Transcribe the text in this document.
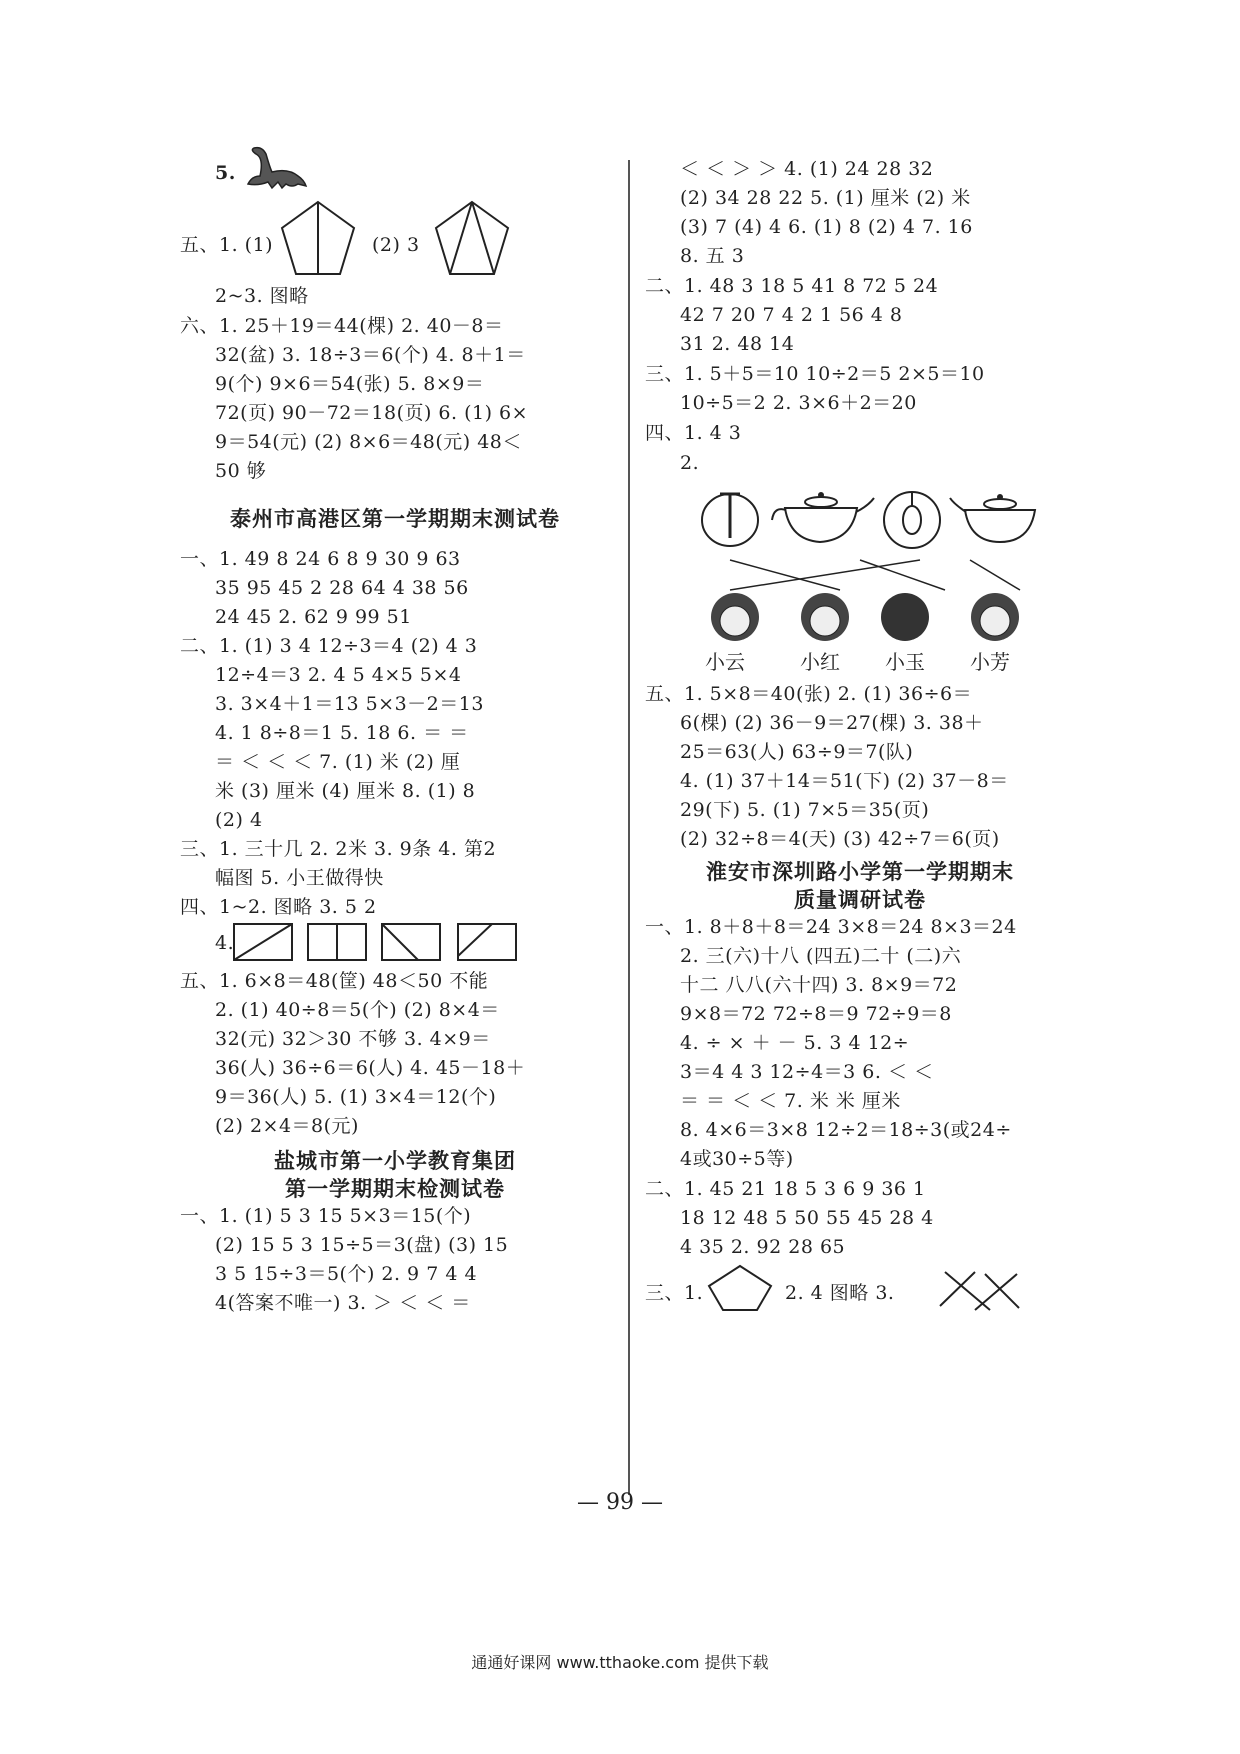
5.
五、1. (1)	(2) 3
2~3. 图略
六、1. 25＋19＝44(棵) 2. 40－8＝
32(盆) 3. 18÷3＝6(个) 4. 8＋1＝
9(个) 9×6＝54(张) 5. 8×9＝
72(页) 90－72＝18(页) 6. (1) 6×
9＝54(元) (2) 8×6＝48(元) 48＜
50 够
泰州市高港区第一学期期末测试卷
一、1. 49 8 24 6 8 9 30 9 63
35 95 45 2 28 64 4 38 56
24 45 2. 62 9 99 51
二、1. (1) 3 4 12÷3＝4 (2) 4 3
12÷4＝3 2. 4 5 4×5 5×4
3. 3×4＋1＝13 5×3－2＝13
4. 1 8÷8＝1 5. 18 6. ＝ ＝
＝ ＜ ＜ ＜ 7. (1) 米 (2) 厘
米 (3) 厘米 (4) 厘米 8. (1) 8
(2) 4
三、1. 三十几 2. 2米 3. 9条 4. 第2
幅图 5. 小王做得快
四、1~2. 图略 3. 5 2
4.
五、1. 6×8＝48(筐) 48＜50 不能
2. (1) 40÷8＝5(个) (2) 8×4＝
32(元) 32＞30 不够 3. 4×9＝
36(人) 36÷6＝6(人) 4. 45－18＋
9＝36(人) 5. (1) 3×4＝12(个)
(2) 2×4＝8(元)
盐城市第一小学教育集团
第一学期期末检测试卷
一、1. (1) 5 3 15 5×3＝15(个)
(2) 15 5 3 15÷5＝3(盘) (3) 15
3 5 15÷3＝5(个) 2. 9 7 4 4
4(答案不唯一) 3. ＞ ＜ ＜ ＝
＜ ＜ ＞ ＞ 4. (1) 24 28 32
(2) 34 28 22 5. (1) 厘米 (2) 米
(3) 7 (4) 4 6. (1) 8 (2) 4 7. 16
8. 五 3
二、1. 48 3 18 5 41 8 72 5 24
42 7 20 7 4 2 1 56 4 8
31 2. 48 14
三、1. 5＋5＝10 10÷2＝5 2×5＝10
10÷5＝2 2. 3×6＋2＝20
四、1. 4 3
2.
小云	小红 小玉 小芳
五、1. 5×8＝40(张) 2. (1) 36÷6＝
6(棵) (2) 36－9＝27(棵) 3. 38＋
25＝63(人) 63÷9＝7(队)
4. (1) 37＋14＝51(下) (2) 37－8＝
29(下) 5. (1) 7×5＝35(页)
(2) 32÷8＝4(天) (3) 42÷7＝6(页)
淮安市深圳路小学第一学期期末
质量调研试卷
一、1. 8＋8＋8＝24 3×8＝24 8×3＝24
2. 三(六)十八 (四五)二十 (二)六
十二 八八(六十四) 3. 8×9＝72
9×8＝72 72÷8＝9 72÷9＝8
4. ÷ × ＋ － 5. 3 4 12÷
3＝4 4 3 12÷4＝3 6. ＜ ＜
＝ ＝ ＜ ＜ 7. 米 米 厘米
8. 4×6＝3×8 12÷2＝18÷3(或24÷
4或30÷5等)
二、1. 45 21 18 5 3 6 9 36 1
18 12 48 5 50 55 45 28 4
4 35 2. 92 28 65
三、1.	2. 4 图略 3.
— 99 —
通通好课网 www.tthaoke.com 提供下载
